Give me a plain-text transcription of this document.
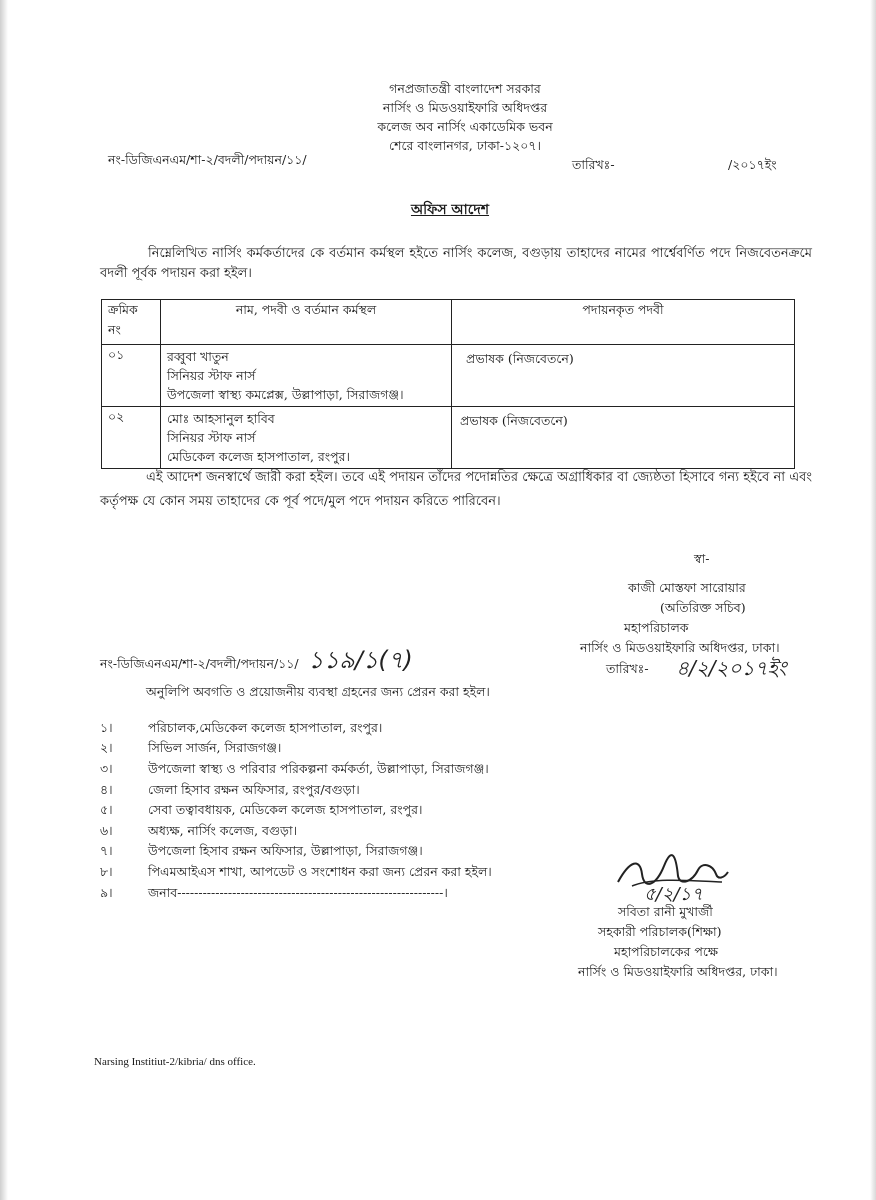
গনপ্রজাতন্ত্রী বাংলাদেশ সরকার
নার্সিং ও মিডওয়াইফারি অধিদপ্তর
কলেজ অব নার্সিং একাডেমিক ভবন
শেরে বাংলানগর, ঢাকা-১২০৭।
নং-ডিজিএনএম/শা-২/বদলী/পদায়ন/১১/	তারিখঃ-	/২০১৭ইং
অফিস আদেশ
নিম্নেলিখিত নার্সিং কর্মকর্তাদের কে বর্তমান কর্মস্থল হইতে নার্সিং কলেজ, বগুড়ায় তাহাদের নামের পার্শ্বেবর্ণিত পদে নিজবেতনক্রমে বদলী পূর্বক পদায়ন করা হইল।
ক্রমিক নং	নাম, পদবী ও বর্তমান কর্মস্থল	পদায়নকৃত পদবী
০১	রব্বুবা খাতুন
সিনিয়র স্টাফ নার্স
উপজেলা স্বাস্থ্য কমপ্লেক্স, উল্লাপাড়া, সিরাজগঞ্জ।	প্রভাষক (নিজবেতনে)
০২	মোঃ আহসানুল হাবিব
সিনিয়র স্টাফ নার্স
মেডিকেল কলেজ হাসপাতাল, রংপুর।	প্রভাষক (নিজবেতনে)
এই আদেশ জনস্বার্থে জারী করা হইল। তবে এই পদায়ন তাঁদের পদোন্নতির ক্ষেত্রে অগ্রাধিকার বা জ্যেষ্ঠতা হিসাবে গন্য হইবে না এবং কর্তৃপক্ষ যে কোন সময় তাহাদের কে পূর্ব পদে/মুল পদে পদায়ন করিতে পারিবেন।
স্বা-
কাজী মোস্তফা সারোয়ার
(অতিরিক্ত সচিব)
মহাপরিচালক
নার্সিং ও মিডওয়াইফারি অধিদপ্তর, ঢাকা।
তারিখঃ- ৪/২/২০১৭ইং
নং-ডিজিএনএম/শা-২/বদলী/পদায়ন/১১/ ১১৯/১(৭)
অনুলিপি অবগতি ও প্রয়োজনীয় ব্যবস্থা গ্রহনের জন্য প্রেরন করা হইল।
১।	পরিচালক,মেডিকেল কলেজ হাসপাতাল, রংপুর।
২।	সিভিল সার্জন, সিরাজগঞ্জ।
৩।	উপজেলা স্বাস্থ্য ও পরিবার পরিকল্পনা কর্মকর্তা, উল্লাপাড়া, সিরাজগঞ্জ।
৪।	জেলা হিসাব রক্ষন অফিসার, রংপুর/বগুড়া।
৫।	সেবা তত্বাবধায়ক, মেডিকেল কলেজ হাসপাতাল, রংপুর।
৬।	অধ্যক্ষ, নার্সিং কলেজ, বগুড়া।
৭।	উপজেলা হিসাব রক্ষন অফিসার, উল্লাপাড়া, সিরাজগঞ্জ।
৮।	পিএমআইএস শাখা, আপডেট ও সংশোধন করা জন্য প্রেরন করা হইল।
৯।	জনাব---------------------------------------------------------------।	৫/২/১৭
সবিতা রানী মুখার্জী
সহকারী পরিচালক(শিক্ষা)
মহাপরিচালকের পক্ষে
নার্সিং ও মিডওয়াইফারি অধিদপ্তর, ঢাকা।
Narsing Institiut-2/kibria/ dns office.
